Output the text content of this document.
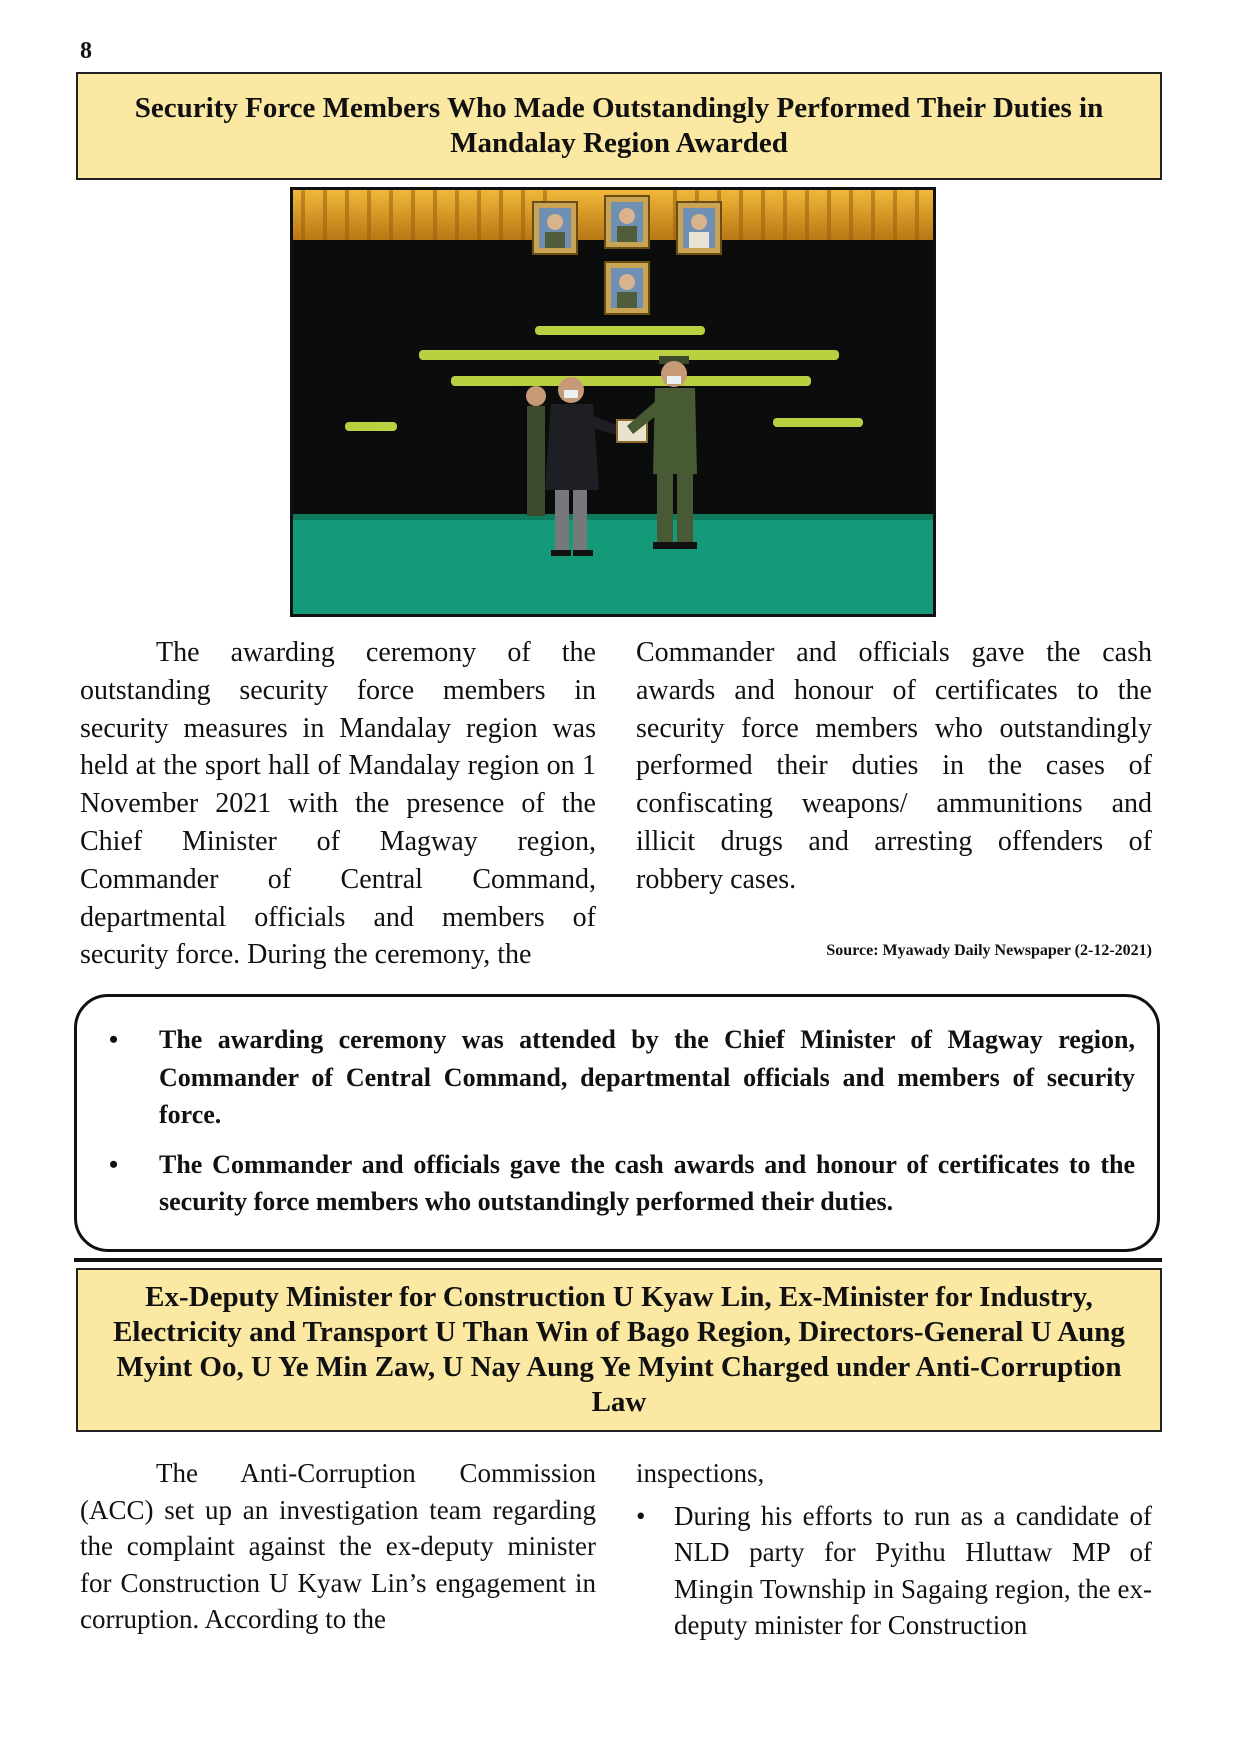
8
Security Force Members Who Made Outstandingly Performed Their Duties in Mandalay Region Awarded

The awarding ceremony of the outstanding security force members in security measures in Mandalay region was held at the sport hall of Mandalay region on 1 November 2021 with the presence of the Chief Minister of Magway region, Commander of Central Command, departmental officials and members of security force. During the ceremony, the

Commander and officials gave the cash awards and honour of certificates to the security force members who outstandingly performed their duties in the cases of confiscating weapons/ ammunitions and illicit drugs and arresting offenders of robbery cases.

Source: Myawady Daily Newspaper (2-12-2021)
• The awarding ceremony was attended by the Chief Minister of Magway region, Commander of Central Command, departmental officials and members of security force.
• The Commander and officials gave the cash awards and honour of certificates to the security force members who outstandingly performed their duties.
Ex-Deputy Minister for Construction U Kyaw Lin, Ex-Minister for Industry, Electricity and Transport U Than Win of Bago Region, Directors-General U Aung Myint Oo, U Ye Min Zaw, U Nay Aung Ye Myint Charged under Anti-Corruption Law

The Anti-Corruption Commission (ACC) set up an investigation team regarding the complaint against the ex-deputy minister for Construction U Kyaw Lin’s engagement in corruption. According to the

inspections,
• During his efforts to run as a candidate of NLD party for Pyithu Hluttaw MP of Mingin Township in Sagaing region, the ex-deputy minister for Construction
